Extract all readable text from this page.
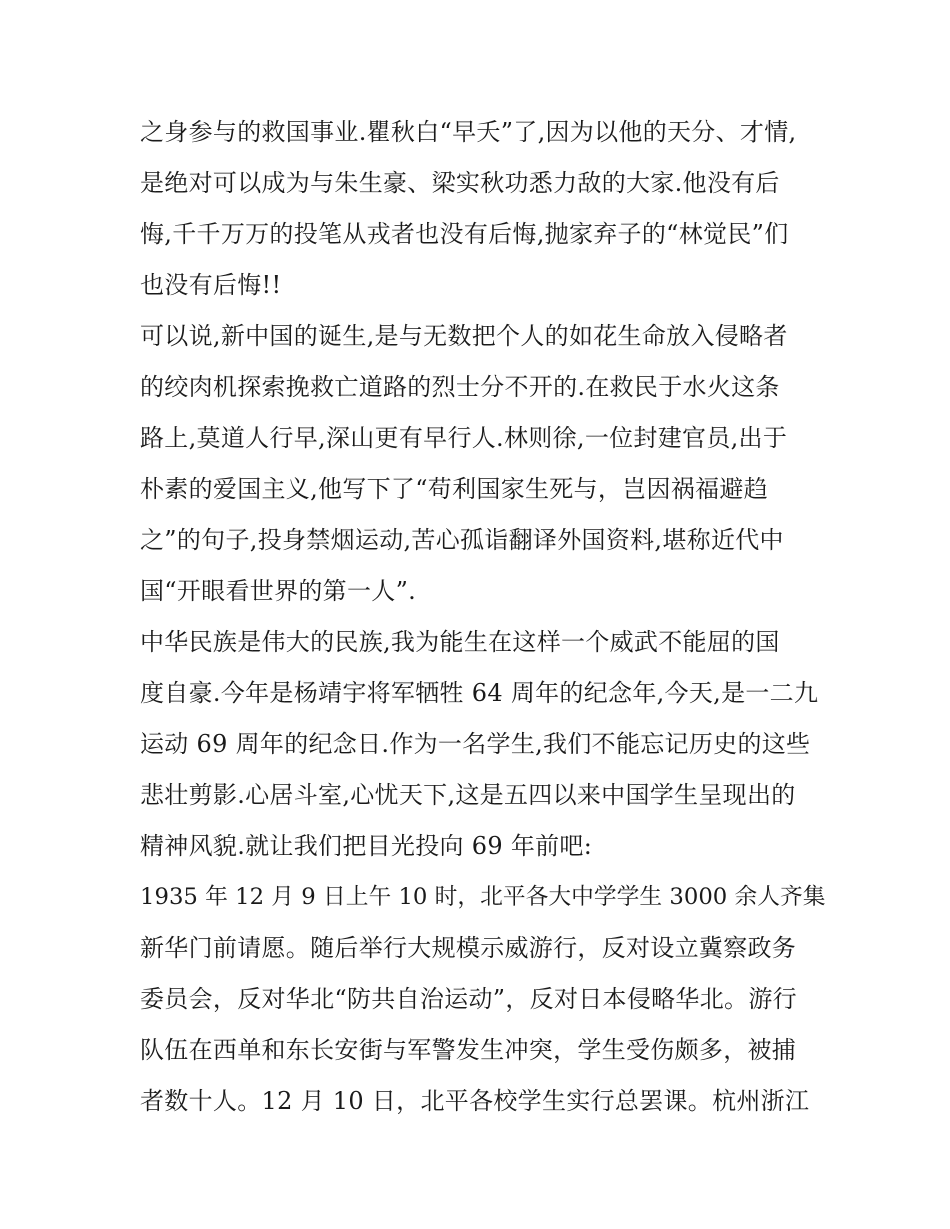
之身参与的救国事业.瞿秋白“早夭”了,因为以他的天分、才情,
是绝对可以成为与朱生豪、梁实秋功悉力敌的大家.他没有后
悔,千千万万的投笔从戎者也没有后悔,抛家弃子的“林觉民”们
也没有后悔!!
可以说,新中国的诞生,是与无数把个人的如花生命放入侵略者
的绞肉机探索挽救亡道路的烈士分不开的.在救民于水火这条
路上,莫道人行早,深山更有早行人.林则徐,一位封建官员,出于
朴素的爱国主义,他写下了“苟利国家生死与，岂因祸福避趋
之”的句子,投身禁烟运动,苦心孤诣翻译外国资料,堪称近代中
国“开眼看世界的第一人”.
中华民族是伟大的民族,我为能生在这样一个威武不能屈的国
度自豪.今年是杨靖宇将军牺牲 64 周年的纪念年,今天,是一二九
运动 69 周年的纪念日.作为一名学生,我们不能忘记历史的这些
悲壮剪影.心居斗室,心忧天下,这是五四以来中国学生呈现出的
精神风貌.就让我们把目光投向 69 年前吧:
1935 年 12 月 9 日上午 10 时，北平各大中学学生 3000 余人齐集
新华门前请愿。随后举行大规模示威游行，反对设立冀察政务
委员会，反对华北“防共自治运动”，反对日本侵略华北。游行
队伍在西单和东长安街与军警发生冲突，学生受伤颇多，被捕
者数十人。12 月 10 日，北平各校学生实行总罢课。杭州浙江
